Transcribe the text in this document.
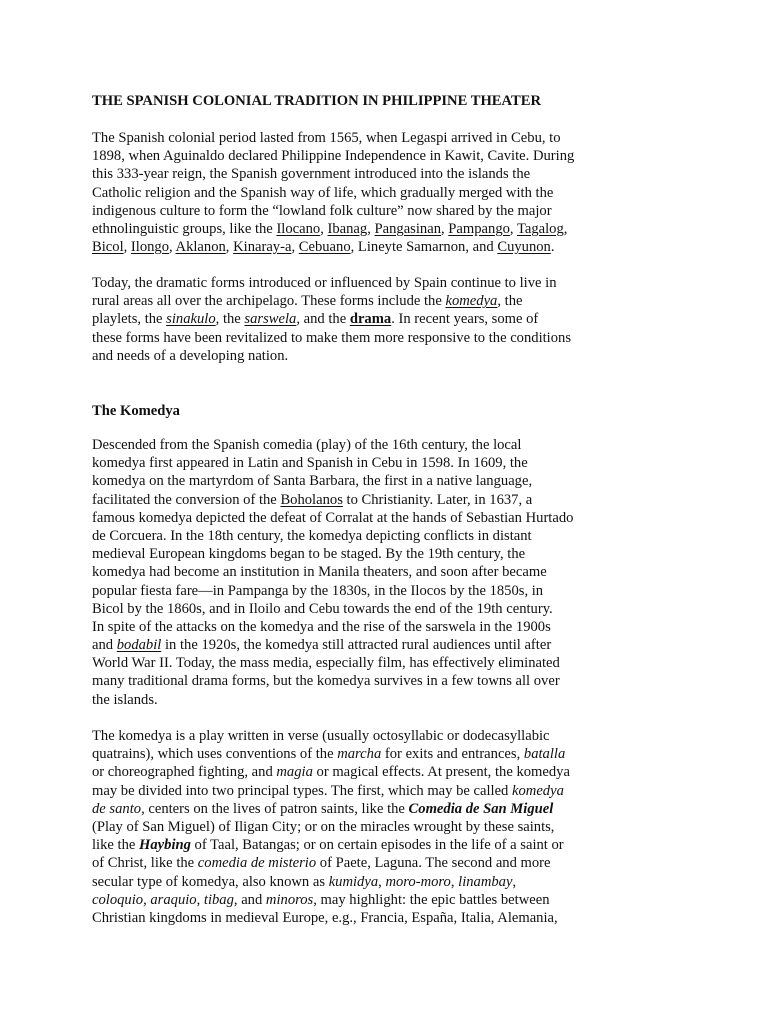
THE SPANISH COLONIAL TRADITION IN PHILIPPINE THEATER
The Spanish colonial period lasted from 1565, when Legaspi arrived in Cebu, to
1898, when Aguinaldo declared Philippine Independence in Kawit, Cavite. During
this 333-year reign, the Spanish government introduced into the islands the
Catholic religion and the Spanish way of life, which gradually merged with the
indigenous culture to form the “lowland folk culture” now shared by the major
ethnolinguistic groups, like the Ilocano, Ibanag, Pangasinan, Pampango, Tagalog,
Bicol, Ilongo, Aklanon, Kinaray-a, Cebuano, Lineyte Samarnon, and Cuyunon.
Today, the dramatic forms introduced or influenced by Spain continue to live in
rural areas all over the archipelago. These forms include the komedya, the
playlets, the sinakulo, the sarswela, and the drama. In recent years, some of
these forms have been revitalized to make them more responsive to the conditions
and needs of a developing nation.
The Komedya
Descended from the Spanish comedia (play) of the 16th century, the local
komedya first appeared in Latin and Spanish in Cebu in 1598. In 1609, the
komedya on the martyrdom of Santa Barbara, the first in a native language,
facilitated the conversion of the Boholanos to Christianity. Later, in 1637, a
famous komedya depicted the defeat of Corralat at the hands of Sebastian Hurtado
de Corcuera. In the 18th century, the komedya depicting conflicts in distant
medieval European kingdoms began to be staged. By the 19th century, the
komedya had become an institution in Manila theaters, and soon after became
popular fiesta fare—in Pampanga by the 1830s, in the Ilocos by the 1850s, in
Bicol by the 1860s, and in Iloilo and Cebu towards the end of the 19th century.
In spite of the attacks on the komedya and the rise of the sarswela in the 1900s
and bodabil in the 1920s, the komedya still attracted rural audiences until after
World War II. Today, the mass media, especially film, has effectively eliminated
many traditional drama forms, but the komedya survives in a few towns all over
the islands.
The komedya is a play written in verse (usually octosyllabic or dodecasyllabic
quatrains), which uses conventions of the marcha for exits and entrances, batalla
or choreographed fighting, and magia or magical effects. At present, the komedya
may be divided into two principal types. The first, which may be called komedya
de santo, centers on the lives of patron saints, like the Comedia de San Miguel
(Play of San Miguel) of Iligan City; or on the miracles wrought by these saints,
like the Haybing of Taal, Batangas; or on certain episodes in the life of a saint or
of Christ, like the comedia de misterio of Paete, Laguna. The second and more
secular type of komedya, also known as kumidya, moro-moro, linambay,
coloquio, araquio, tibag, and minoros, may highlight: the epic battles between
Christian kingdoms in medieval Europe, e.g., Francia, España, Italia, Alemania,
